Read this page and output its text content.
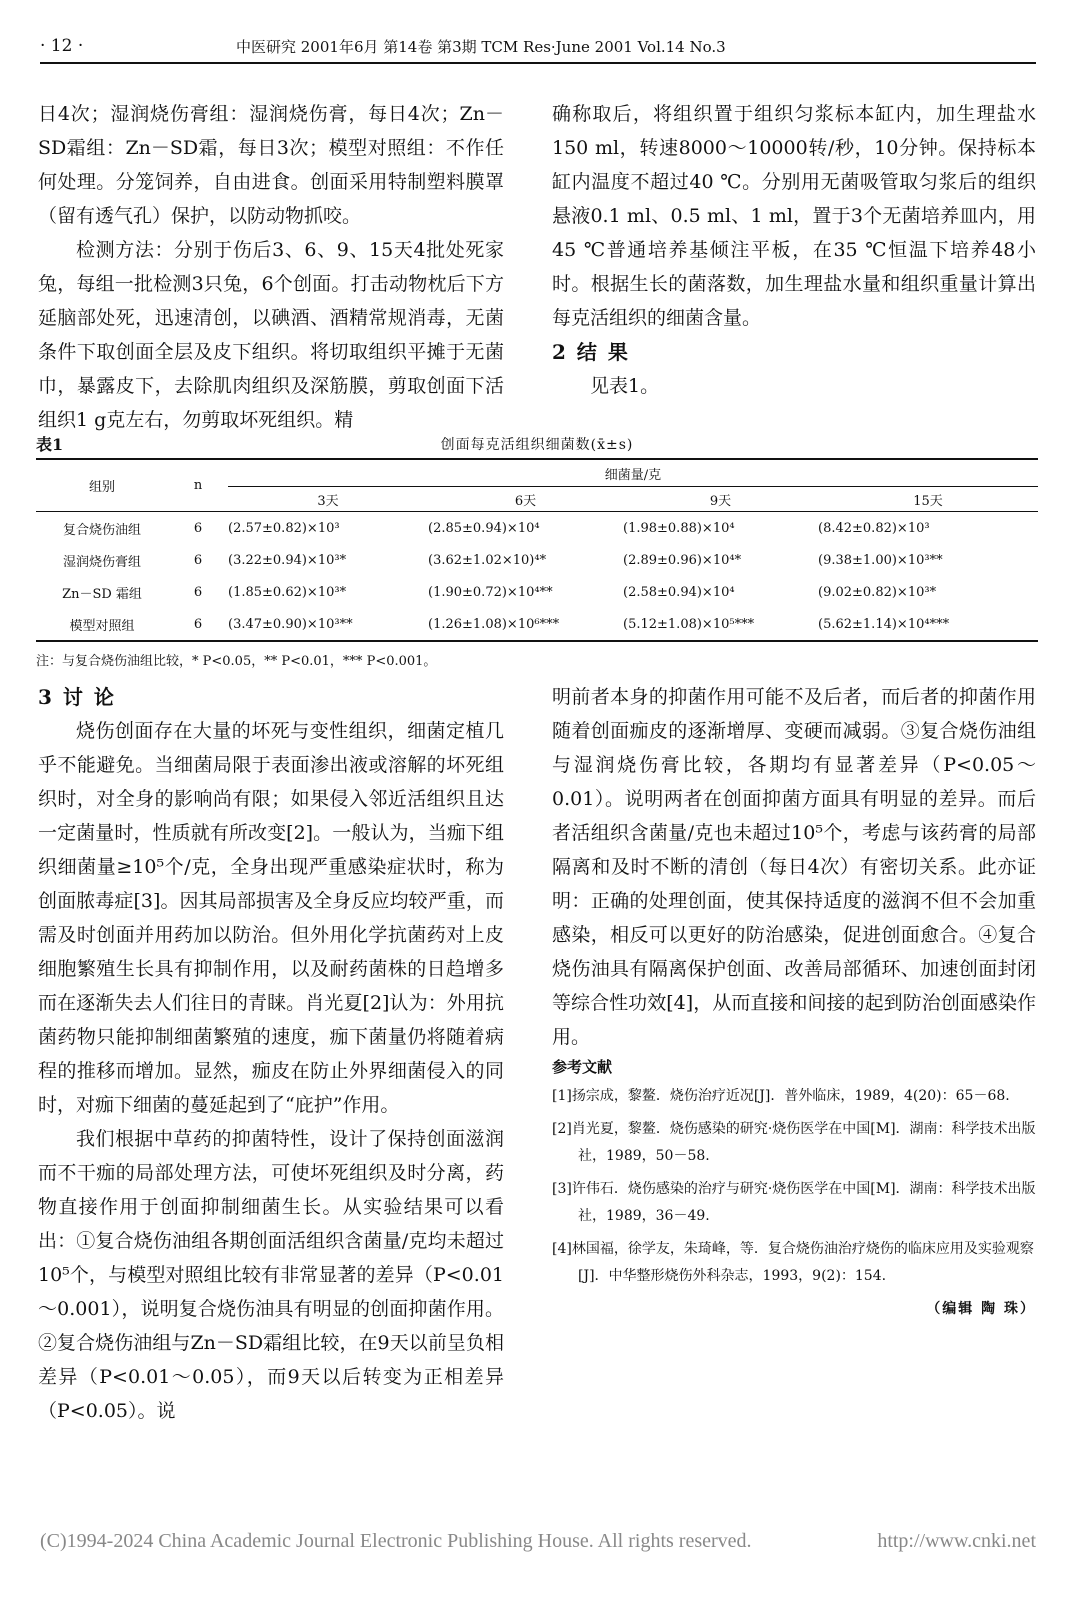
· 12 ·	中医研究 2001年6月 第14卷 第3期 TCM Res·June 2001 Vol.14 No.3

日4次；湿润烧伤膏组：湿润烧伤膏，每日4次；Zn－SD霜组：Zn－SD霜，每日3次；模型对照组：不作任何处理。分笼饲养，自由进食。创面采用特制塑料膜罩（留有透气孔）保护，以防动物抓咬。

检测方法：分别于伤后3、6、9、15天4批处死家兔，每组一批检测3只兔，6个创面。打击动物枕后下方延脑部处死，迅速清创，以碘酒、酒精常规消毒，无菌条件下取创面全层及皮下组织。将切取组织平摊于无菌巾，暴露皮下，去除肌肉组织及深筋膜，剪取创面下活组织1 g克左右，勿剪取坏死组织。精

确称取后，将组织置于组织匀浆标本缸内，加生理盐水150 ml，转速8000～10000转/秒，10分钟。保持标本缸内温度不超过40 ℃。分别用无菌吸管取匀浆后的组织悬液0.1 ml、0.5 ml、1 ml，置于3个无菌培养皿内，用45 ℃普通培养基倾注平板，在35 ℃恒温下培养48小时。根据生长的菌落数，加生理盐水量和组织重量计算出每克活组织的细菌含量。

2 结 果

见表1。

表1	创面每克活组织细菌数(x̄±s)
组别	n	细菌量/克			
		3天	6天	9天	15天
复合烧伤油组	6	(2.57±0.82)×10³	(2.85±0.94)×10⁴	(1.98±0.88)×10⁴	(8.42±0.82)×10³
湿润烧伤膏组	6	(3.22±0.94)×10³*	(3.62±1.02×10)⁴*	(2.89±0.96)×10⁴*	(9.38±1.00)×10³**
Zn－SD 霜组	6	(1.85±0.62)×10³*	(1.90±0.72)×10⁴**	(2.58±0.94)×10⁴	(9.02±0.82)×10³*
模型对照组	6	(3.47±0.90)×10³**	(1.26±1.08)×10⁶***	(5.12±1.08)×10⁵***	(5.62±1.14)×10⁴***
注：与复合烧伤油组比较，* P<0.05，** P<0.01，*** P<0.001。
3 讨 论

烧伤创面存在大量的坏死与变性组织，细菌定植几乎不能避免。当细菌局限于表面渗出液或溶解的坏死组织时，对全身的影响尚有限；如果侵入邻近活组织且达一定菌量时，性质就有所改变[2]。一般认为，当痂下组织细菌量≥10⁵个/克，全身出现严重感染症状时，称为创面脓毒症[3]。因其局部损害及全身反应均较严重，而需及时创面并用药加以防治。但外用化学抗菌药对上皮细胞繁殖生长具有抑制作用，以及耐药菌株的日趋增多而在逐渐失去人们往日的青睐。肖光夏[2]认为：外用抗菌药物只能抑制细菌繁殖的速度，痂下菌量仍将随着病程的推移而增加。显然，痂皮在防止外界细菌侵入的同时，对痂下细菌的蔓延起到了“庇护”作用。

我们根据中草药的抑菌特性，设计了保持创面滋润而不干痂的局部处理方法，可使坏死组织及时分离，药物直接作用于创面抑制细菌生长。从实验结果可以看出：①复合烧伤油组各期创面活组织含菌量/克均未超过10⁵个，与模型对照组比较有非常显著的差异（P<0.01～0.001），说明复合烧伤油具有明显的创面抑菌作用。②复合烧伤油组与Zn－SD霜组比较，在9天以前呈负相差异（P<0.01～0.05），而9天以后转变为正相差异（P<0.05）。说

明前者本身的抑菌作用可能不及后者，而后者的抑菌作用随着创面痂皮的逐渐增厚、变硬而减弱。③复合烧伤油组与湿润烧伤膏比较，各期均有显著差异（P<0.05～0.01）。说明两者在创面抑菌方面具有明显的差异。而后者活组织含菌量/克也未超过10⁵个，考虑与该药膏的局部隔离和及时不断的清创（每日4次）有密切关系。此亦证明：正确的处理创面，使其保持适度的滋润不但不会加重感染，相反可以更好的防治感染，促进创面愈合。④复合烧伤油具有隔离保护创面、改善局部循环、加速创面封闭等综合性功效[4]，从而直接和间接的起到防治创面感染作用。

参考文献
[1]扬宗成，黎鳌．烧伤治疗近况[J]．普外临床，1989，4(20)：65－68.
[2]肖光夏，黎鳌．烧伤感染的研究·烧伤医学在中国[M]．湖南：科学技术出版社，1989，50－58.
[3]许伟石．烧伤感染的治疗与研究·烧伤医学在中国[M]．湖南：科学技术出版社，1989，36－49.
[4]林国福，徐学友，朱琦峰，等．复合烧伤油治疗烧伤的临床应用及实验观察[J]．中华整形烧伤外科杂志，1993，9(2)：154.
（编辑 陶 珠）
(C)1994-2024 China Academic Journal Electronic Publishing House. All rights reserved.	http://www.cnki.net
